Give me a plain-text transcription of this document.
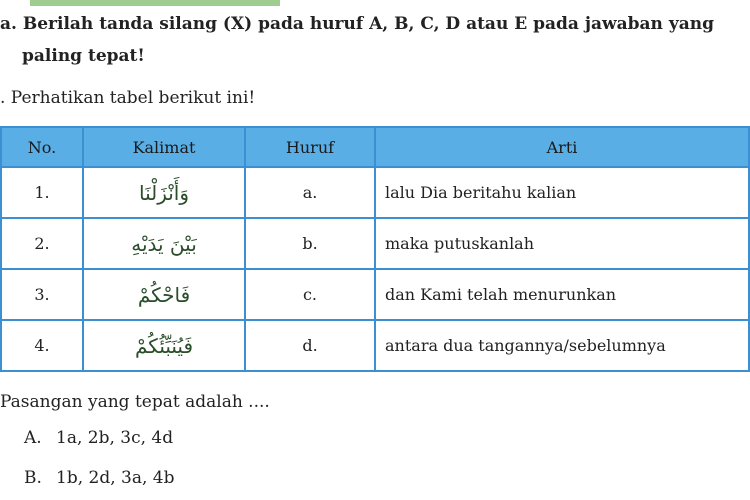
a. Berilah tanda silang (X) pada huruf A, B, C, D atau E pada jawaban yang
paling tepat!
. Perhatikan tabel berikut ini!
No.	Kalimat	Huruf	Arti
1.	وَأَنْزَلْنَا	a.	lalu Dia beritahu kalian
2.	بَيْنَ يَدَيْهِ	b.	maka putuskanlah
3.	فَاحْكُمْ	c.	dan Kami telah menurunkan
4.	فَيُنَبِّئُكُمْ	d.	antara dua tangannya/sebelumnya
Pasangan yang tepat adalah ....
A. 1a, 2b, 3c, 4d
B. 1b, 2d, 3a, 4b
